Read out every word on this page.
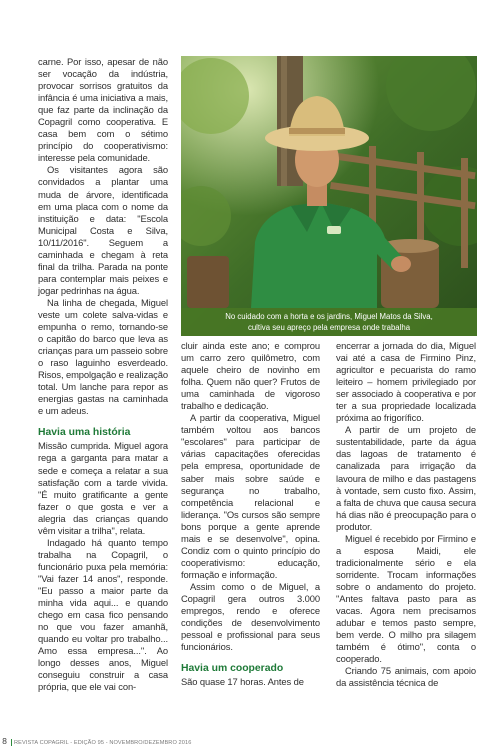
carne. Por isso, apesar de não ser vocação da indústria, provocar sorrisos gratuitos da infância é uma iniciativa a mais, que faz parte da inclinação da Copagril como cooperativa. E casa bem com o sétimo princípio do cooperativismo: interesse pela comunidade.

Os visitantes agora são convidados a plantar uma muda de árvore, identificada em uma placa com o nome da instituição e data: "Escola Municipal Costa e Silva, 10/11/2016". Seguem a caminhada e chegam à reta final da trilha. Parada na ponte para contemplar mais peixes e jogar pedrinhas na água.

Na linha de chegada, Miguel veste um colete salva-vidas e empunha o remo, tornando-se o capitão do barco que leva as crianças para um passeio sobre o raso laguinho esverdeado. Risos, empolgação e realização total. Um lanche para repor as energias gastas na caminhada e um adeus.

Havia uma história

Missão cumprida. Miguel agora rega a garganta para matar a sede e começa a relatar a sua satisfação com a tarde vivida. "É muito gratificante a gente fazer o que gosta e ver a alegria das crianças quando vêm visitar a trilha", relata.

Indagado há quanto tempo trabalha na Copagril, o funcionário puxa pela memória: "Vai fazer 14 anos", responde. "Eu passo a maior parte da minha vida aqui... e quando chego em casa fico pensando no que vou fazer amanhã, quando eu voltar pro trabalho... Amo essa empresa...". Ao longo desses anos, Miguel conseguiu construir a casa própria, que ele vai con-

No cuidado com a horta e os jardins, Miguel Matos da Silva,
cultiva seu apreço pela empresa onde trabalha

cluir ainda este ano; e comprou um carro zero quilômetro, com aquele cheiro de novinho em folha. Quem não quer? Frutos de uma caminhada de vigoroso trabalho e dedicação.

A partir da cooperativa, Miguel também voltou aos bancos "escolares" para participar de várias capacitações oferecidas pela empresa, oportunidade de saber mais sobre saúde e segurança no trabalho, competência relacional e liderança. "Os cursos são sempre bons porque a gente aprende mais e se desenvolve", opina. Condiz com o quinto princípio do cooperativismo: educação, formação e informação.

Assim como o de Miguel, a Copagril gera outros 3.000 empregos, rendo e oferece condições de desenvolvimento pessoal e profissional para seus funcionários.

Havia um cooperado

São quase 17 horas. Antes de

encerrar a jornada do dia, Miguel vai até a casa de Firmino Pinz, agricultor e pecuarista do ramo leiteiro – homem privilegiado por ser associado à cooperativa e por ter a sua propriedade localizada próxima ao frigorífico.

A partir de um projeto de sustentabilidade, parte da água das lagoas de tratamento é canalizada para irrigação da lavoura de milho e das pastagens à vontade, sem custo fixo. Assim, a falta de chuva que causa secura há dias não é preocupação para o produtor.

Miguel é recebido por Firmino e a esposa Maidi, ele tradicionalmente sério e ela sorridente. Trocam informações sobre o andamento do projeto. "Antes faltava pasto para as vacas. Agora nem precisamos adubar e temos pasto sempre, bem verde. O milho pra silagem também é ótimo", conta o cooperado.

Criando 75 animais, com apoio da assistência técnica de

8 REVISTA COPAGRIL - EDIÇÃO 95 - NOVEMBRO/DEZEMBRO 2016
